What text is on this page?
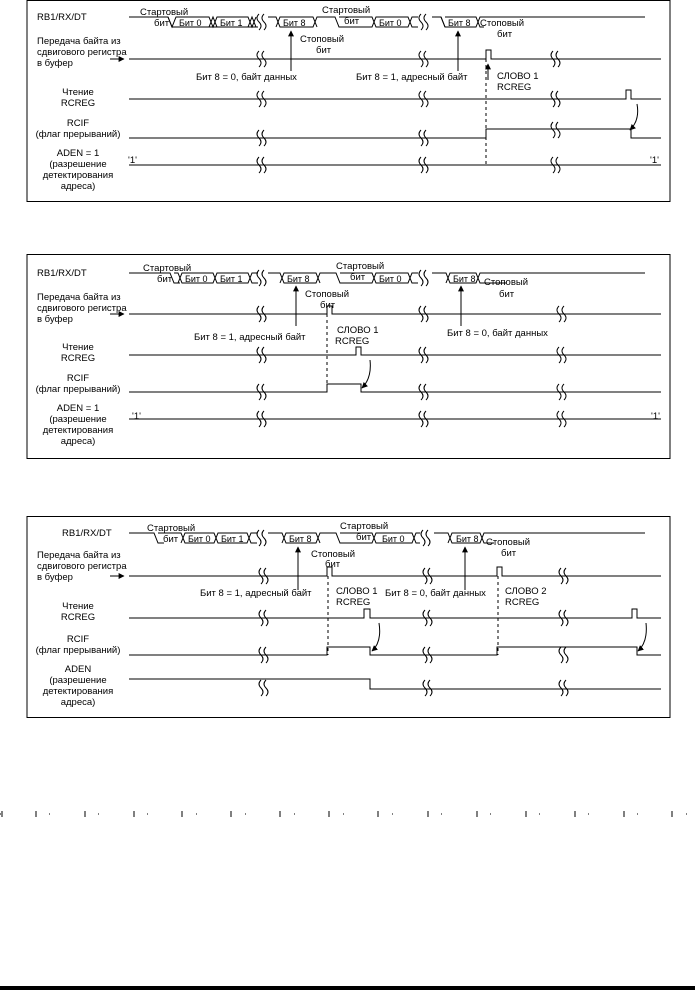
RB1/RX/DT
Передача байта из
сдвигового регистра
в буфер
Чтение
RCREG
RCIF
(флаг прерываний)
ADEN = 1
(разрешение
детектирования
адреса)
Стартовый
бит Бит 0 Бит 1	Бит 8
Стартовый
бит Бит 0	Бит 8
Стоповый
бит
Стоповый
бит
Бит 8 = 0, байт данных	Бит 8 = 1, адресный байт	СЛОВО 1
RCREG
'1'	'1'
RB1/RX/DT
Передача байта из
сдвигового регистра
в буфер
Чтение
RCREG
RCIF
(флаг прерываний)
ADEN = 1
(разрешение
детектирования
адреса)
Стартовый
бит Бит 0 Бит 1	Бит 8
Стартовый
бит Бит 0	Бит 8
Стоповый
бит
Стоповый
бит
Бит 8 = 1, адресный байт	Бит 8 = 0, байт данных
СЛОВО 1
RCREG
'1'	'1'
RB1/RX/DT
Передача байта из
сдвигового регистра
в буфер
Чтение
RCREG
RCIF
(флаг прерываний)
ADEN
(разрешение
детектирования
адреса)
Стартовый
бит Бит 0 Бит 1	Бит 8
Стартовый
бит Бит 0	Бит 8
Стоповый
бит
Стоповый
бит
Бит 8 = 1, адресный байт	Бит 8 = 0, байт данных
СЛОВО 1
RCREG
СЛОВО 2
RCREG
